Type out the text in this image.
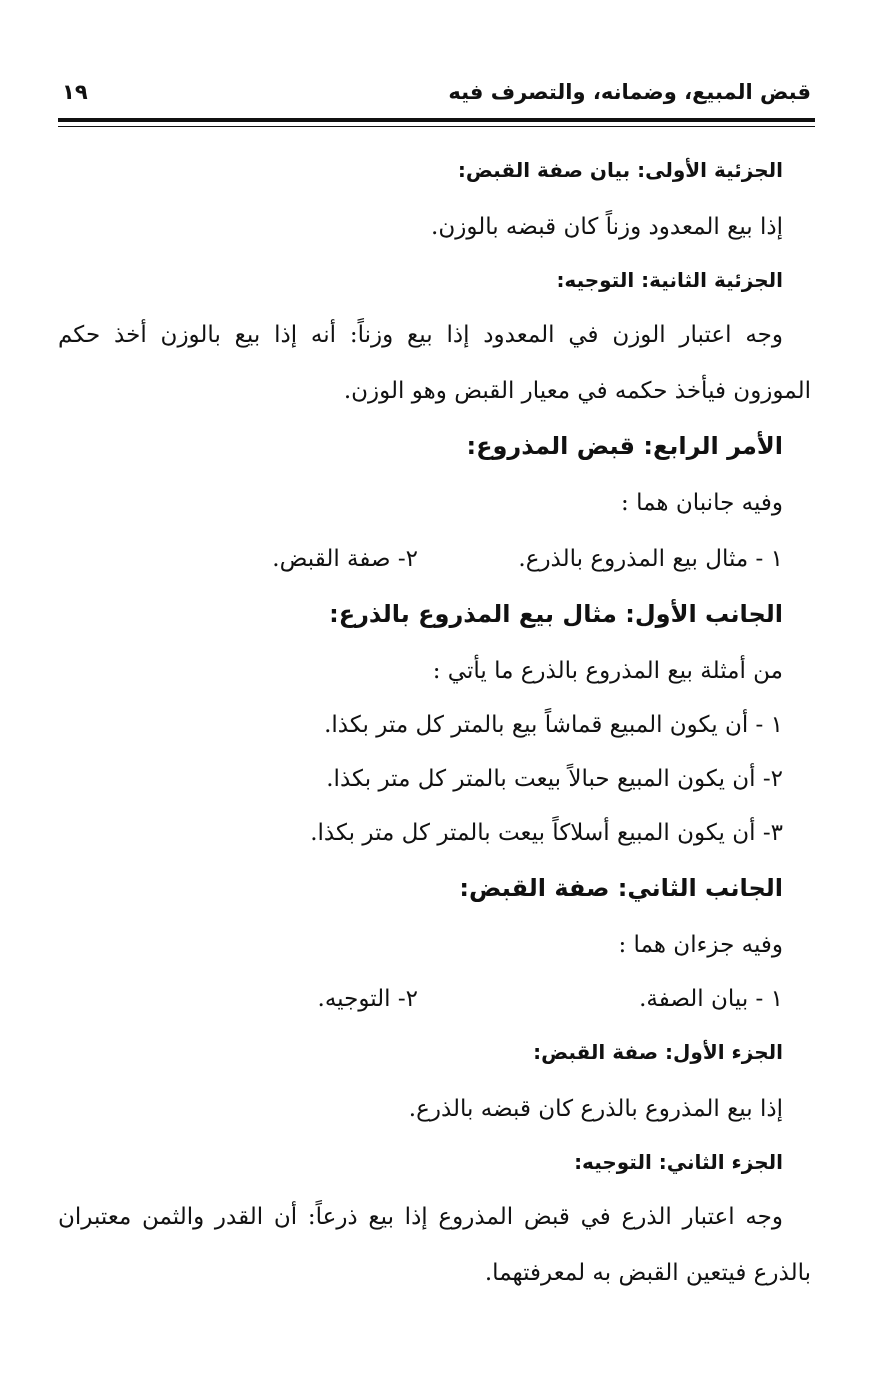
قبض المبيع، وضمانه، والتصرف فيه
١٩
الجزئية الأولى: بيان صفة القبض:
إذا بيع المعدود وزناً كان قبضه بالوزن.
الجزئية الثانية: التوجيه:
وجه اعتبار الوزن في المعدود إذا بيع وزناً: أنه إذا بيع بالوزن أخذ حكم
الموزون فيأخذ حكمه في معيار القبض وهو الوزن.
الأمر الرابع: قبض المذروع:
وفيه جانبان هما :
١ - مثال بيع المذروع بالذرع.
٢- صفة القبض.
الجانب الأول: مثال بيع المذروع بالذرع:
من أمثلة بيع المذروع بالذرع ما يأتي :
١ - أن يكون المبيع قماشاً بيع بالمتر كل متر بكذا.
٢- أن يكون المبيع حبالاً بيعت بالمتر كل متر بكذا.
٣- أن يكون المبيع أسلاكاً بيعت بالمتر كل متر بكذا.
الجانب الثاني: صفة القبض:
وفيه جزءان هما :
١ - بيان الصفة.
٢- التوجيه.
الجزء الأول: صفة القبض:
إذا بيع المذروع بالذرع كان قبضه بالذرع.
الجزء الثاني: التوجيه:
وجه اعتبار الذرع في قبض المذروع إذا بيع ذرعاً: أن القدر والثمن معتبران
بالذرع فيتعين القبض به لمعرفتهما.
